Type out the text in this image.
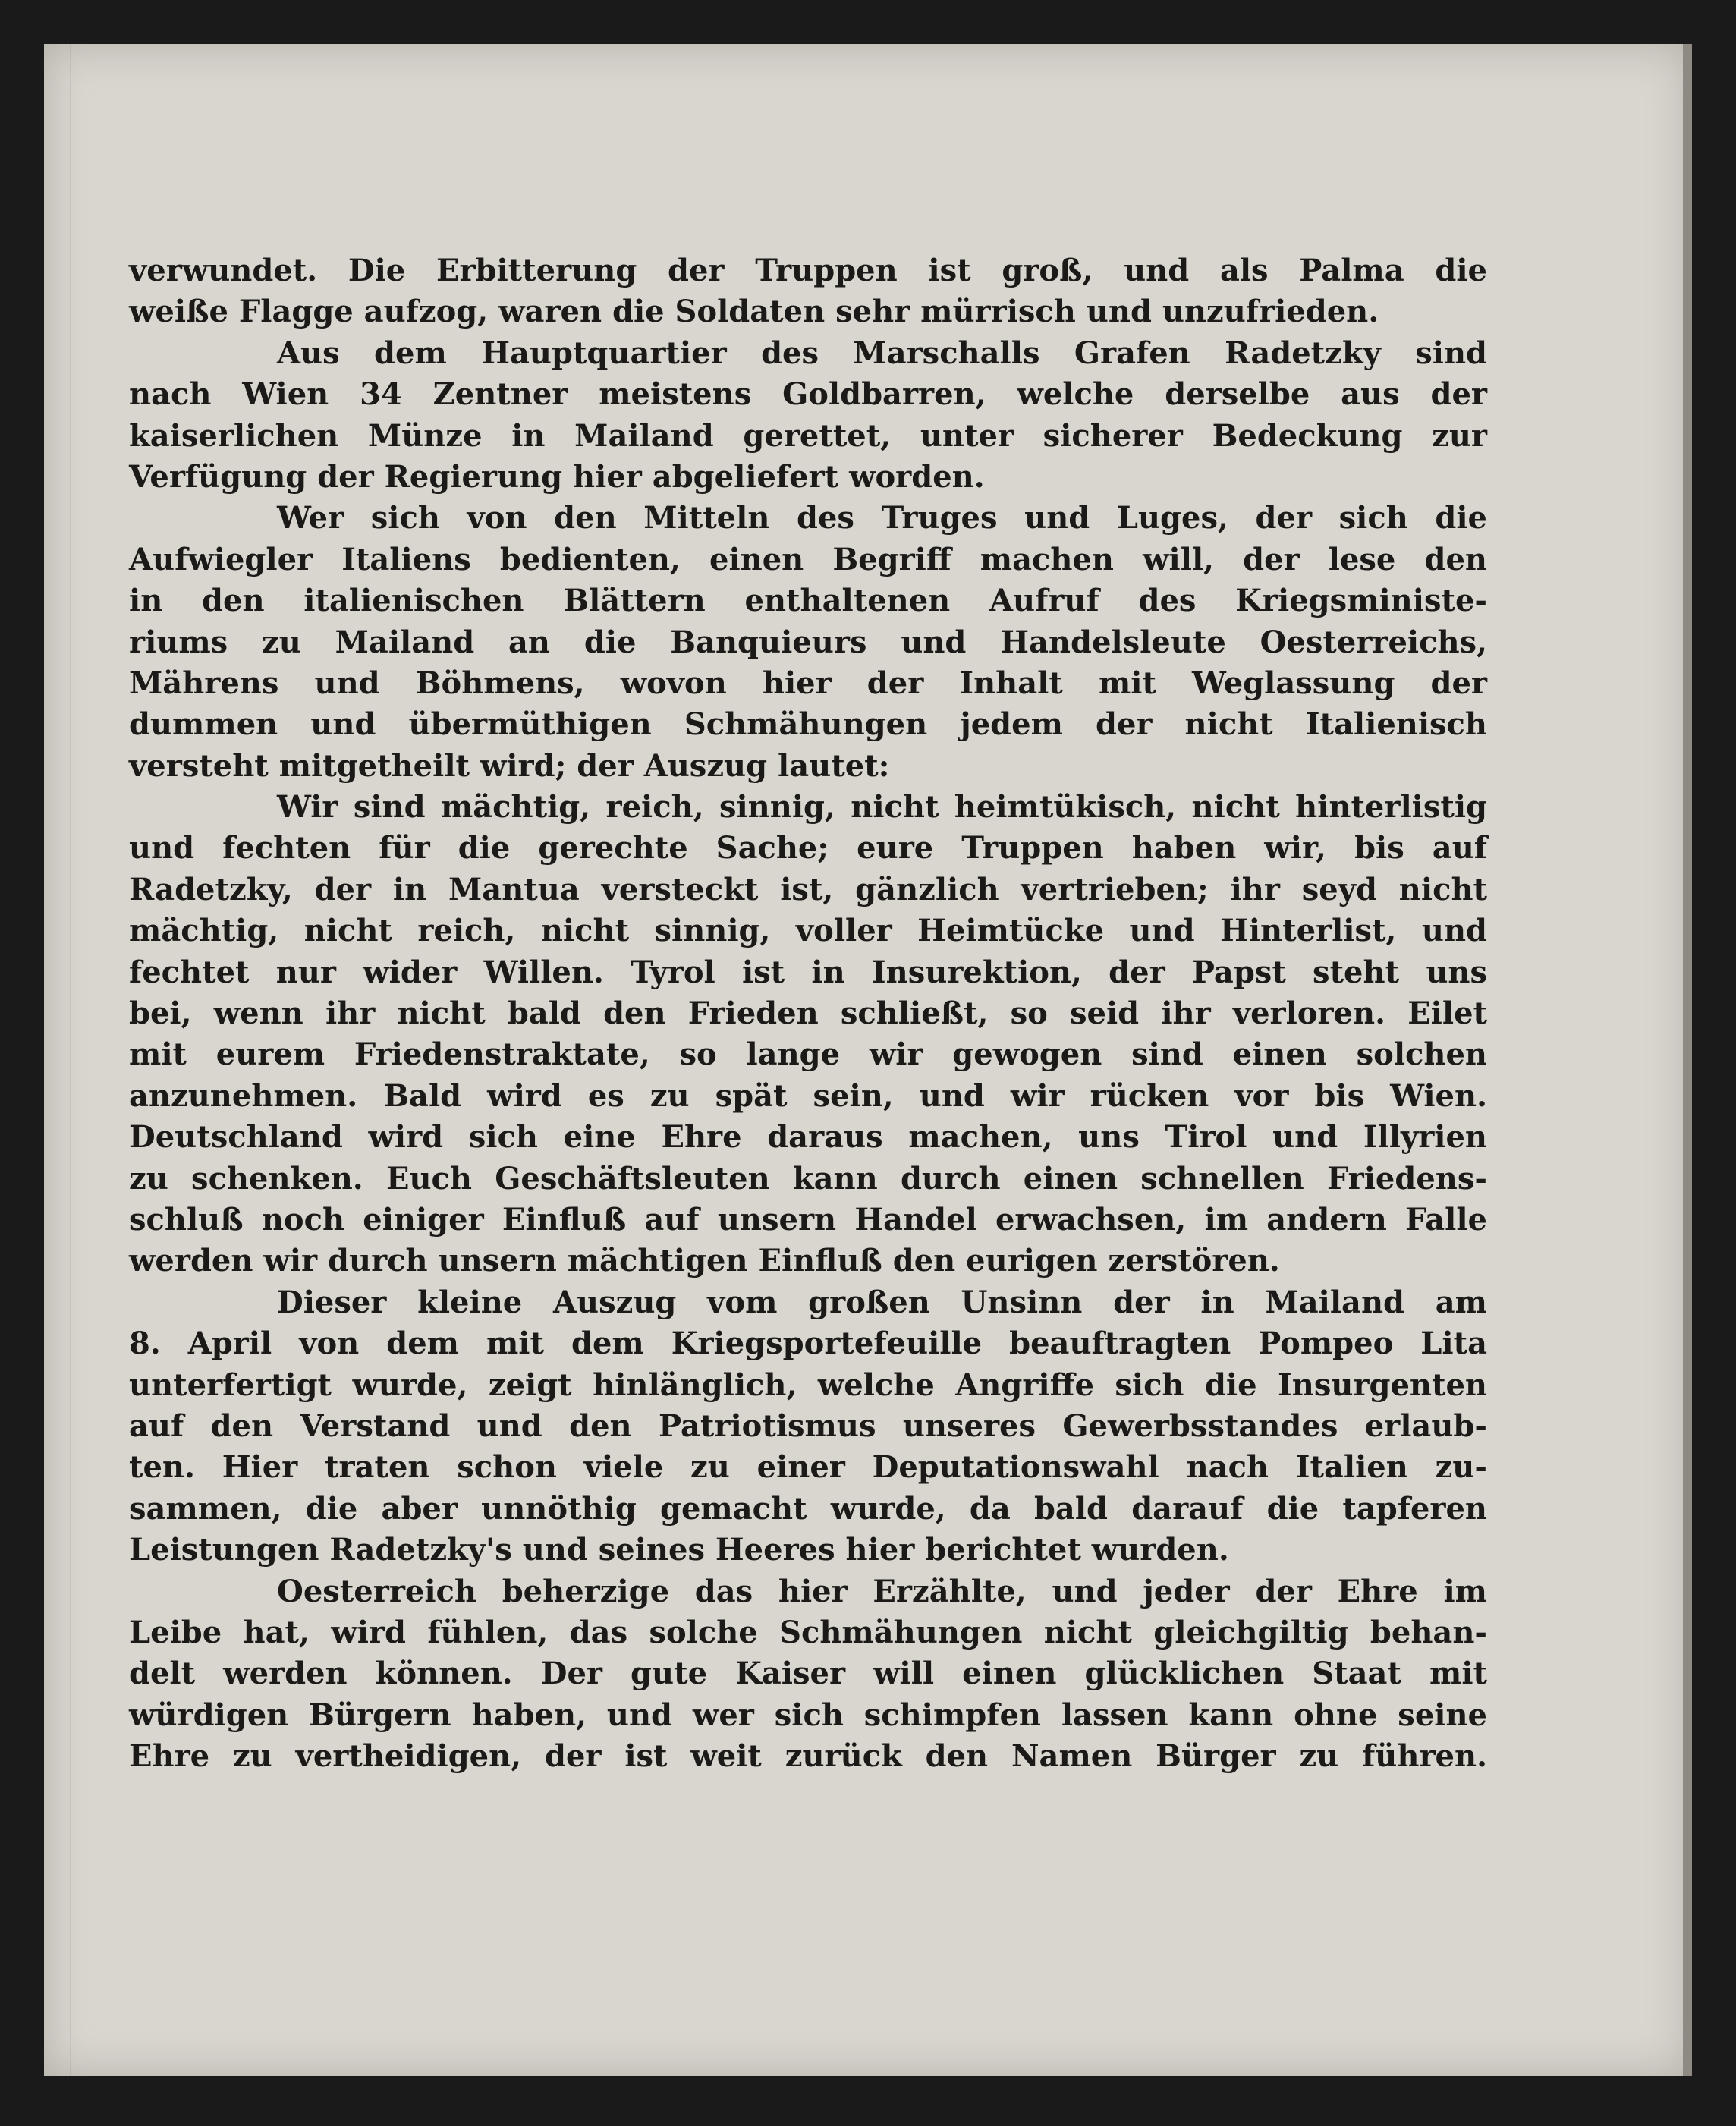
verwundet. Die Erbitterung der Truppen ist groß, und als Palma die
weiße Flagge aufzog, waren die Soldaten sehr mürrisch und unzufrieden.
Aus dem Hauptquartier des Marschalls Grafen Radetzky sind
nach Wien 34 Zentner meistens Goldbarren, welche derselbe aus der
kaiserlichen Münze in Mailand gerettet, unter sicherer Bedeckung zur
Verfügung der Regierung hier abgeliefert worden.
Wer sich von den Mitteln des Truges und Luges, der sich die
Aufwiegler Italiens bedienten, einen Begriff machen will, der lese den
in den italienischen Blättern enthaltenen Aufruf des Kriegsministe-
riums zu Mailand an die Banquieurs und Handelsleute Oesterreichs,
Mährens und Böhmens, wovon hier der Inhalt mit Weglassung der
dummen und übermüthigen Schmähungen jedem der nicht Italienisch
versteht mitgetheilt wird; der Auszug lautet:
Wir sind mächtig, reich, sinnig, nicht heimtükisch, nicht hinterlistig
und fechten für die gerechte Sache; eure Truppen haben wir, bis auf
Radetzky, der in Mantua versteckt ist, gänzlich vertrieben; ihr seyd nicht
mächtig, nicht reich, nicht sinnig, voller Heimtücke und Hinterlist, und
fechtet nur wider Willen. Tyrol ist in Insurektion, der Papst steht uns
bei, wenn ihr nicht bald den Frieden schließt, so seid ihr verloren. Eilet
mit eurem Friedenstraktate, so lange wir gewogen sind einen solchen
anzunehmen. Bald wird es zu spät sein, und wir rücken vor bis Wien.
Deutschland wird sich eine Ehre daraus machen, uns Tirol und Illyrien
zu schenken. Euch Geschäftsleuten kann durch einen schnellen Friedens-
schluß noch einiger Einfluß auf unsern Handel erwachsen, im andern Falle
werden wir durch unsern mächtigen Einfluß den eurigen zerstören.
Dieser kleine Auszug vom großen Unsinn der in Mailand am
8. April von dem mit dem Kriegsportefeuille beauftragten Pompeo Lita
unterfertigt wurde, zeigt hinlänglich, welche Angriffe sich die Insurgenten
auf den Verstand und den Patriotismus unseres Gewerbsstandes erlaub-
ten. Hier traten schon viele zu einer Deputationswahl nach Italien zu-
sammen, die aber unnöthig gemacht wurde, da bald darauf die tapferen
Leistungen Radetzky's und seines Heeres hier berichtet wurden.
Oesterreich beherzige das hier Erzählte, und jeder der Ehre im
Leibe hat, wird fühlen, das solche Schmähungen nicht gleichgiltig behan-
delt werden können. Der gute Kaiser will einen glücklichen Staat mit
würdigen Bürgern haben, und wer sich schimpfen lassen kann ohne seine
Ehre zu vertheidigen, der ist weit zurück den Namen Bürger zu führen.
